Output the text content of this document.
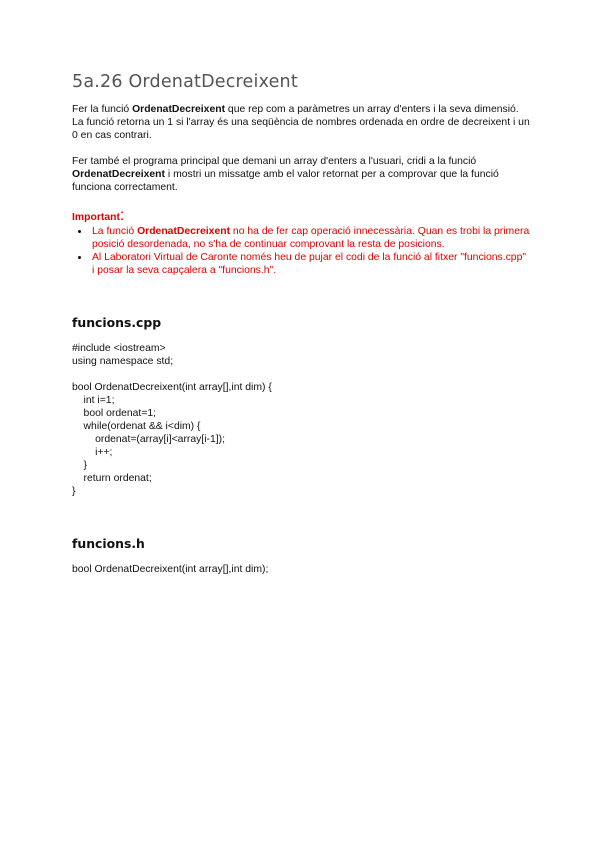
5a.26 OrdenatDecreixent

Fer la funció OrdenatDecreixent que rep com a paràmetres un array d'enters i la seva dimensió. La funció retorna un 1 si l'array és una seqüència de nombres ordenada en ordre de decreixent i un 0 en cas contrari.

Fer també el programa principal que demani un array d'enters a l'usuari, cridi a la funció OrdenatDecreixent i mostri un missatge amb el valor retornat per a comprovar que la funció funciona correctament.

Important:
• La funció OrdenatDecreixent no ha de fer cap operació innecessària. Quan es trobi la primera posició desordenada, no s'ha de continuar comprovant la resta de posicions.
• Al Laboratori Virtual de Caronte només heu de pujar el codi de la funció al fitxer "funcions.cpp" i posar la seva capçalera a "funcions.h".
funcions.cpp
#include <iostream>
using namespace std;
bool OrdenatDecreixent(int array[],int dim) {
int i=1;
bool ordenat=1;
while(ordenat && i<dim) {
ordenat=(array[i]<array[i-1]);
i++;
}
return ordenat;
}
funcions.h
bool OrdenatDecreixent(int array[],int dim);
